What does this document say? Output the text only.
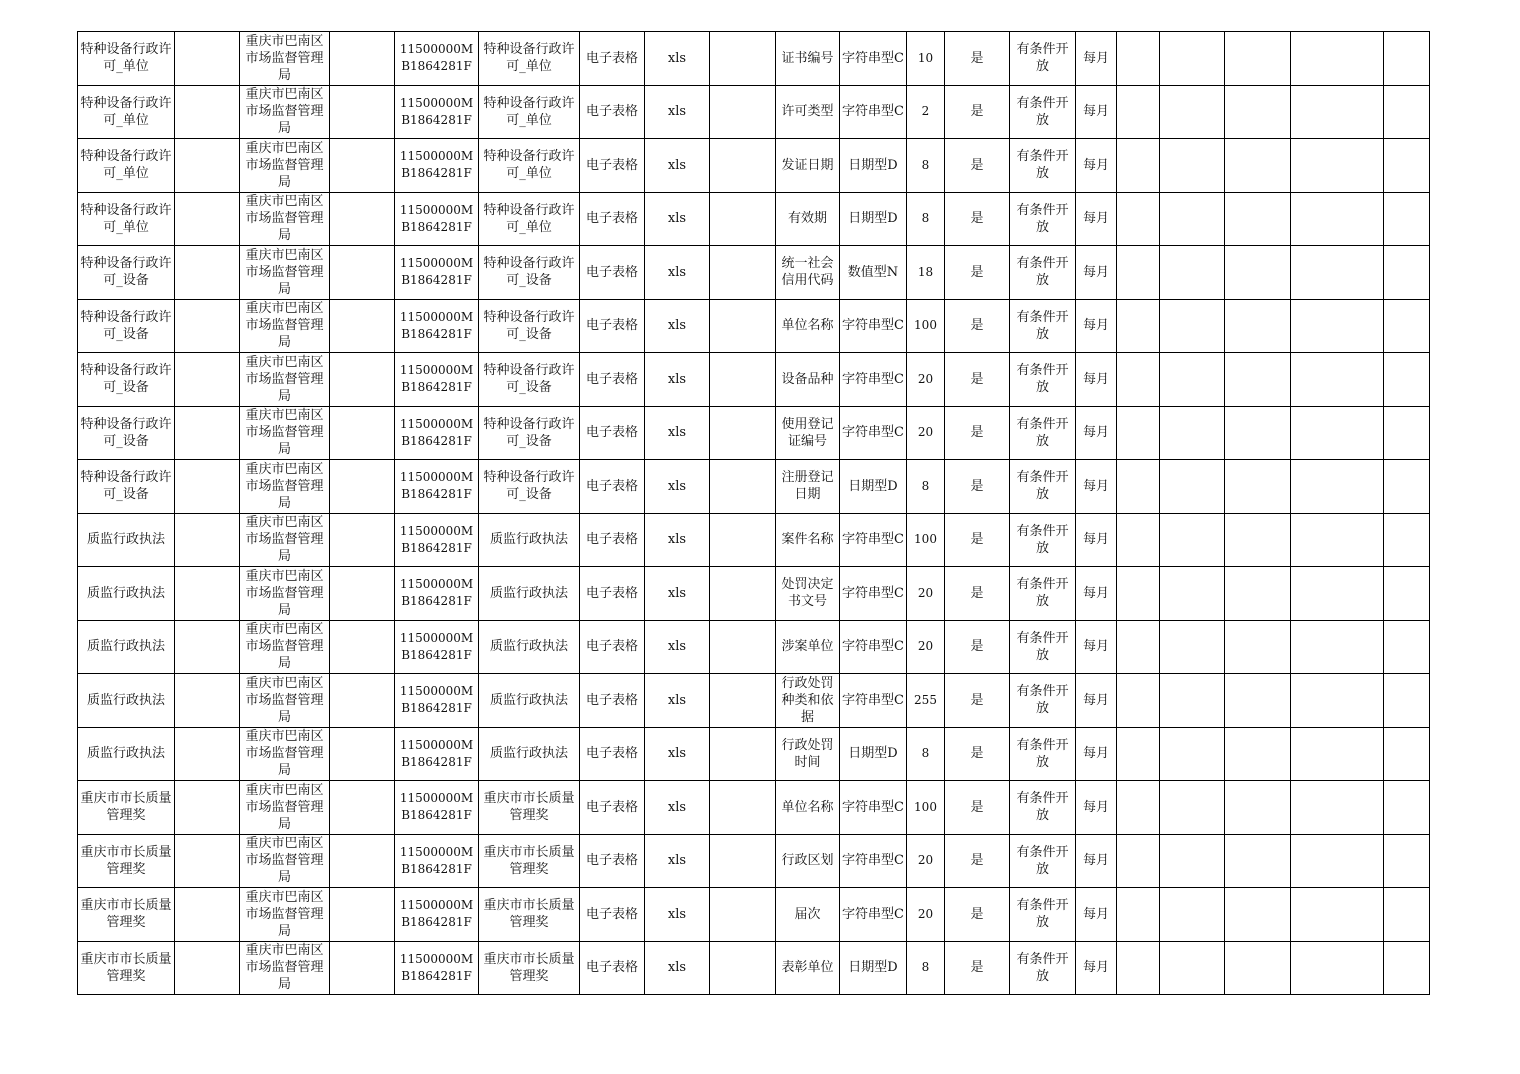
特种设备行政许可_单位		重庆市巴南区市场监督管理局		11500000MB1864281F	特种设备行政许可_单位	电子表格	xls		证书编号	字符串型C	10	是	有条件开放	每月					
特种设备行政许可_单位		重庆市巴南区市场监督管理局		11500000MB1864281F	特种设备行政许可_单位	电子表格	xls		许可类型	字符串型C	2	是	有条件开放	每月					
特种设备行政许可_单位		重庆市巴南区市场监督管理局		11500000MB1864281F	特种设备行政许可_单位	电子表格	xls		发证日期	日期型D	8	是	有条件开放	每月					
特种设备行政许可_单位		重庆市巴南区市场监督管理局		11500000MB1864281F	特种设备行政许可_单位	电子表格	xls		有效期	日期型D	8	是	有条件开放	每月					
特种设备行政许可_设备		重庆市巴南区市场监督管理局		11500000MB1864281F	特种设备行政许可_设备	电子表格	xls		统一社会信用代码	数值型N	18	是	有条件开放	每月					
特种设备行政许可_设备		重庆市巴南区市场监督管理局		11500000MB1864281F	特种设备行政许可_设备	电子表格	xls		单位名称	字符串型C	100	是	有条件开放	每月					
特种设备行政许可_设备		重庆市巴南区市场监督管理局		11500000MB1864281F	特种设备行政许可_设备	电子表格	xls		设备品种	字符串型C	20	是	有条件开放	每月					
特种设备行政许可_设备		重庆市巴南区市场监督管理局		11500000MB1864281F	特种设备行政许可_设备	电子表格	xls		使用登记证编号	字符串型C	20	是	有条件开放	每月					
特种设备行政许可_设备		重庆市巴南区市场监督管理局		11500000MB1864281F	特种设备行政许可_设备	电子表格	xls		注册登记日期	日期型D	8	是	有条件开放	每月					
质监行政执法		重庆市巴南区市场监督管理局		11500000MB1864281F	质监行政执法	电子表格	xls		案件名称	字符串型C	100	是	有条件开放	每月					
质监行政执法		重庆市巴南区市场监督管理局		11500000MB1864281F	质监行政执法	电子表格	xls		处罚决定书文号	字符串型C	20	是	有条件开放	每月					
质监行政执法		重庆市巴南区市场监督管理局		11500000MB1864281F	质监行政执法	电子表格	xls		涉案单位	字符串型C	20	是	有条件开放	每月					
质监行政执法		重庆市巴南区市场监督管理局		11500000MB1864281F	质监行政执法	电子表格	xls		行政处罚种类和依据	字符串型C	255	是	有条件开放	每月					
质监行政执法		重庆市巴南区市场监督管理局		11500000MB1864281F	质监行政执法	电子表格	xls		行政处罚时间	日期型D	8	是	有条件开放	每月					
重庆市市长质量管理奖		重庆市巴南区市场监督管理局		11500000MB1864281F	重庆市市长质量管理奖	电子表格	xls		单位名称	字符串型C	100	是	有条件开放	每月					
重庆市市长质量管理奖		重庆市巴南区市场监督管理局		11500000MB1864281F	重庆市市长质量管理奖	电子表格	xls		行政区划	字符串型C	20	是	有条件开放	每月					
重庆市市长质量管理奖		重庆市巴南区市场监督管理局		11500000MB1864281F	重庆市市长质量管理奖	电子表格	xls		届次	字符串型C	20	是	有条件开放	每月					
重庆市市长质量管理奖		重庆市巴南区市场监督管理局		11500000MB1864281F	重庆市市长质量管理奖	电子表格	xls		表彰单位	日期型D	8	是	有条件开放	每月					
